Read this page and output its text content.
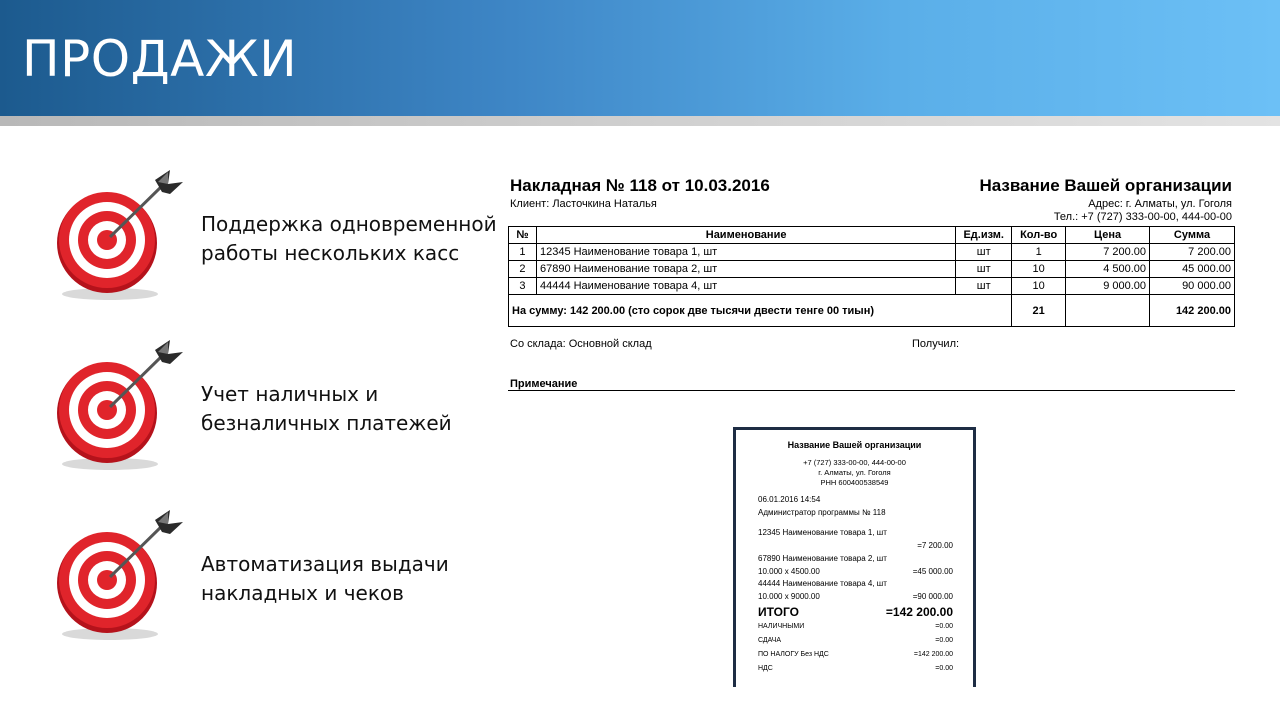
ПРОДАЖИ
Поддержка одновременной
работы нескольких касс
Учет наличных и
безналичных платежей
Автоматизация выдачи
накладных и чеков
Накладная № 118 от 10.03.2016	Название Вашей организации
Клиент: Ласточкина Наталья	Адрес: г. Алматы, ул. Гоголя
Тел.: +7 (727) 333-00-00, 444-00-00
№	Наименование	Ед.изм.	Кол-во	Цена	Сумма
1	12345 Наименование товара 1, шт	шт	1	7 200.00	7 200.00
2	67890 Наименование товара 2, шт	шт	10	4 500.00	45 000.00
3	44444 Наименование товара 4, шт	шт	10	9 000.00	90 000.00
На сумму: 142 200.00 (сто сорок две тысячи двести тенге 00 тиын)			21		142 200.00
Со склада: Основной склад	Получил:
Примечание
Название Вашей организации
+7 (727) 333-00-00, 444-00-00
г. Алматы, ул. Гоголя
РНН 600400538549
06.01.2016 14:54
Администратор программы № 118
12345 Наименование товара 1, шт
=7 200.00
67890 Наименование товара 2, шт
10.000 x 4500.00	=45 000.00
44444 Наименование товара 4, шт
10.000 x 9000.00	=90 000.00
ИТОГО	=142 200.00
НАЛИЧНЫМИ	=0.00
СДАЧА	=0.00
ПО НАЛОГУ Без НДС	=142 200.00
НДС	=0.00
